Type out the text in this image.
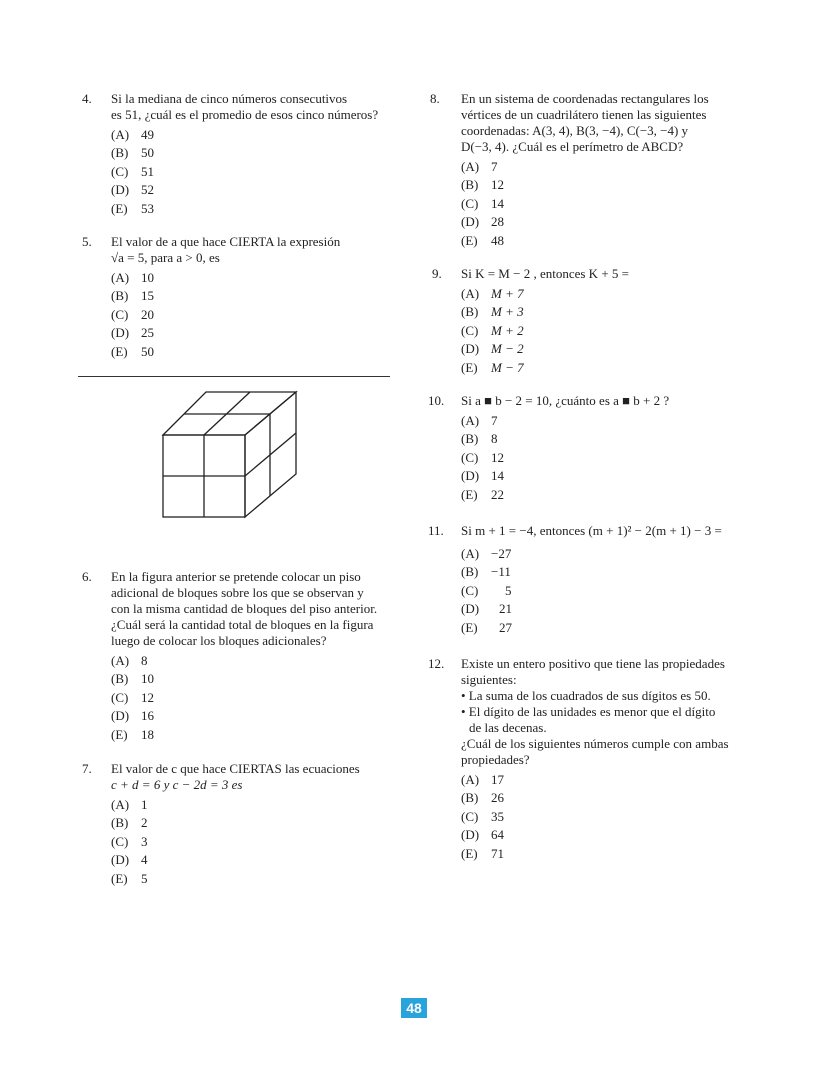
4. Si la mediana de cinco números consecutivos
es 51, ¿cuál es el promedio de esos cinco números?
(A) 49
(B) 50
(C) 51
(D) 52
(E) 53
5. El valor de a que hace CIERTA la expresión
√a = 5, para a > 0, es
(A) 10
(B) 15
(C) 20
(D) 25
(E) 50
6. En la figura anterior se pretende colocar un piso
adicional de bloques sobre los que se observan y
con la misma cantidad de bloques del piso anterior.
¿Cuál será la cantidad total de bloques en la figura
luego de colocar los bloques adicionales?
(A) 8
(B) 10
(C) 12
(D) 16
(E) 18
7. El valor de c que hace CIERTAS las ecuaciones
c + d = 6 y c − 2d = 3 es
(A) 1
(B) 2
(C) 3
(D) 4
(E) 5
8. En un sistema de coordenadas rectangulares los
vértices de un cuadrilátero tienen las siguientes
coordenadas: A(3, 4), B(3, −4), C(−3, −4) y
D(−3, 4). ¿Cuál es el perímetro de ABCD?
(A) 7
(B) 12
(C) 14
(D) 28
(E) 48
9. Si K = M − 2 , entonces K + 5 =
(A) M + 7
(B) M + 3
(C) M + 2
(D) M − 2
(E) M − 7
10. Si a ■ b − 2 = 10, ¿cuánto es a ■ b + 2 ?
(A) 7
(B) 8
(C) 12
(D) 14
(E) 22
11. Si m + 1 = −4, entonces (m + 1)² − 2(m + 1) − 3 =
(A) −27
(B) −11
(C) 5
(D) 21
(E) 27
12. Existe un entero positivo que tiene las propiedades
siguientes:
• La suma de los cuadrados de sus dígitos es 50.
• El dígito de las unidades es menor que el dígito
de las decenas.
¿Cuál de los siguientes números cumple con ambas
propiedades?
(A) 17
(B) 26
(C) 35
(D) 64
(E) 71
48
